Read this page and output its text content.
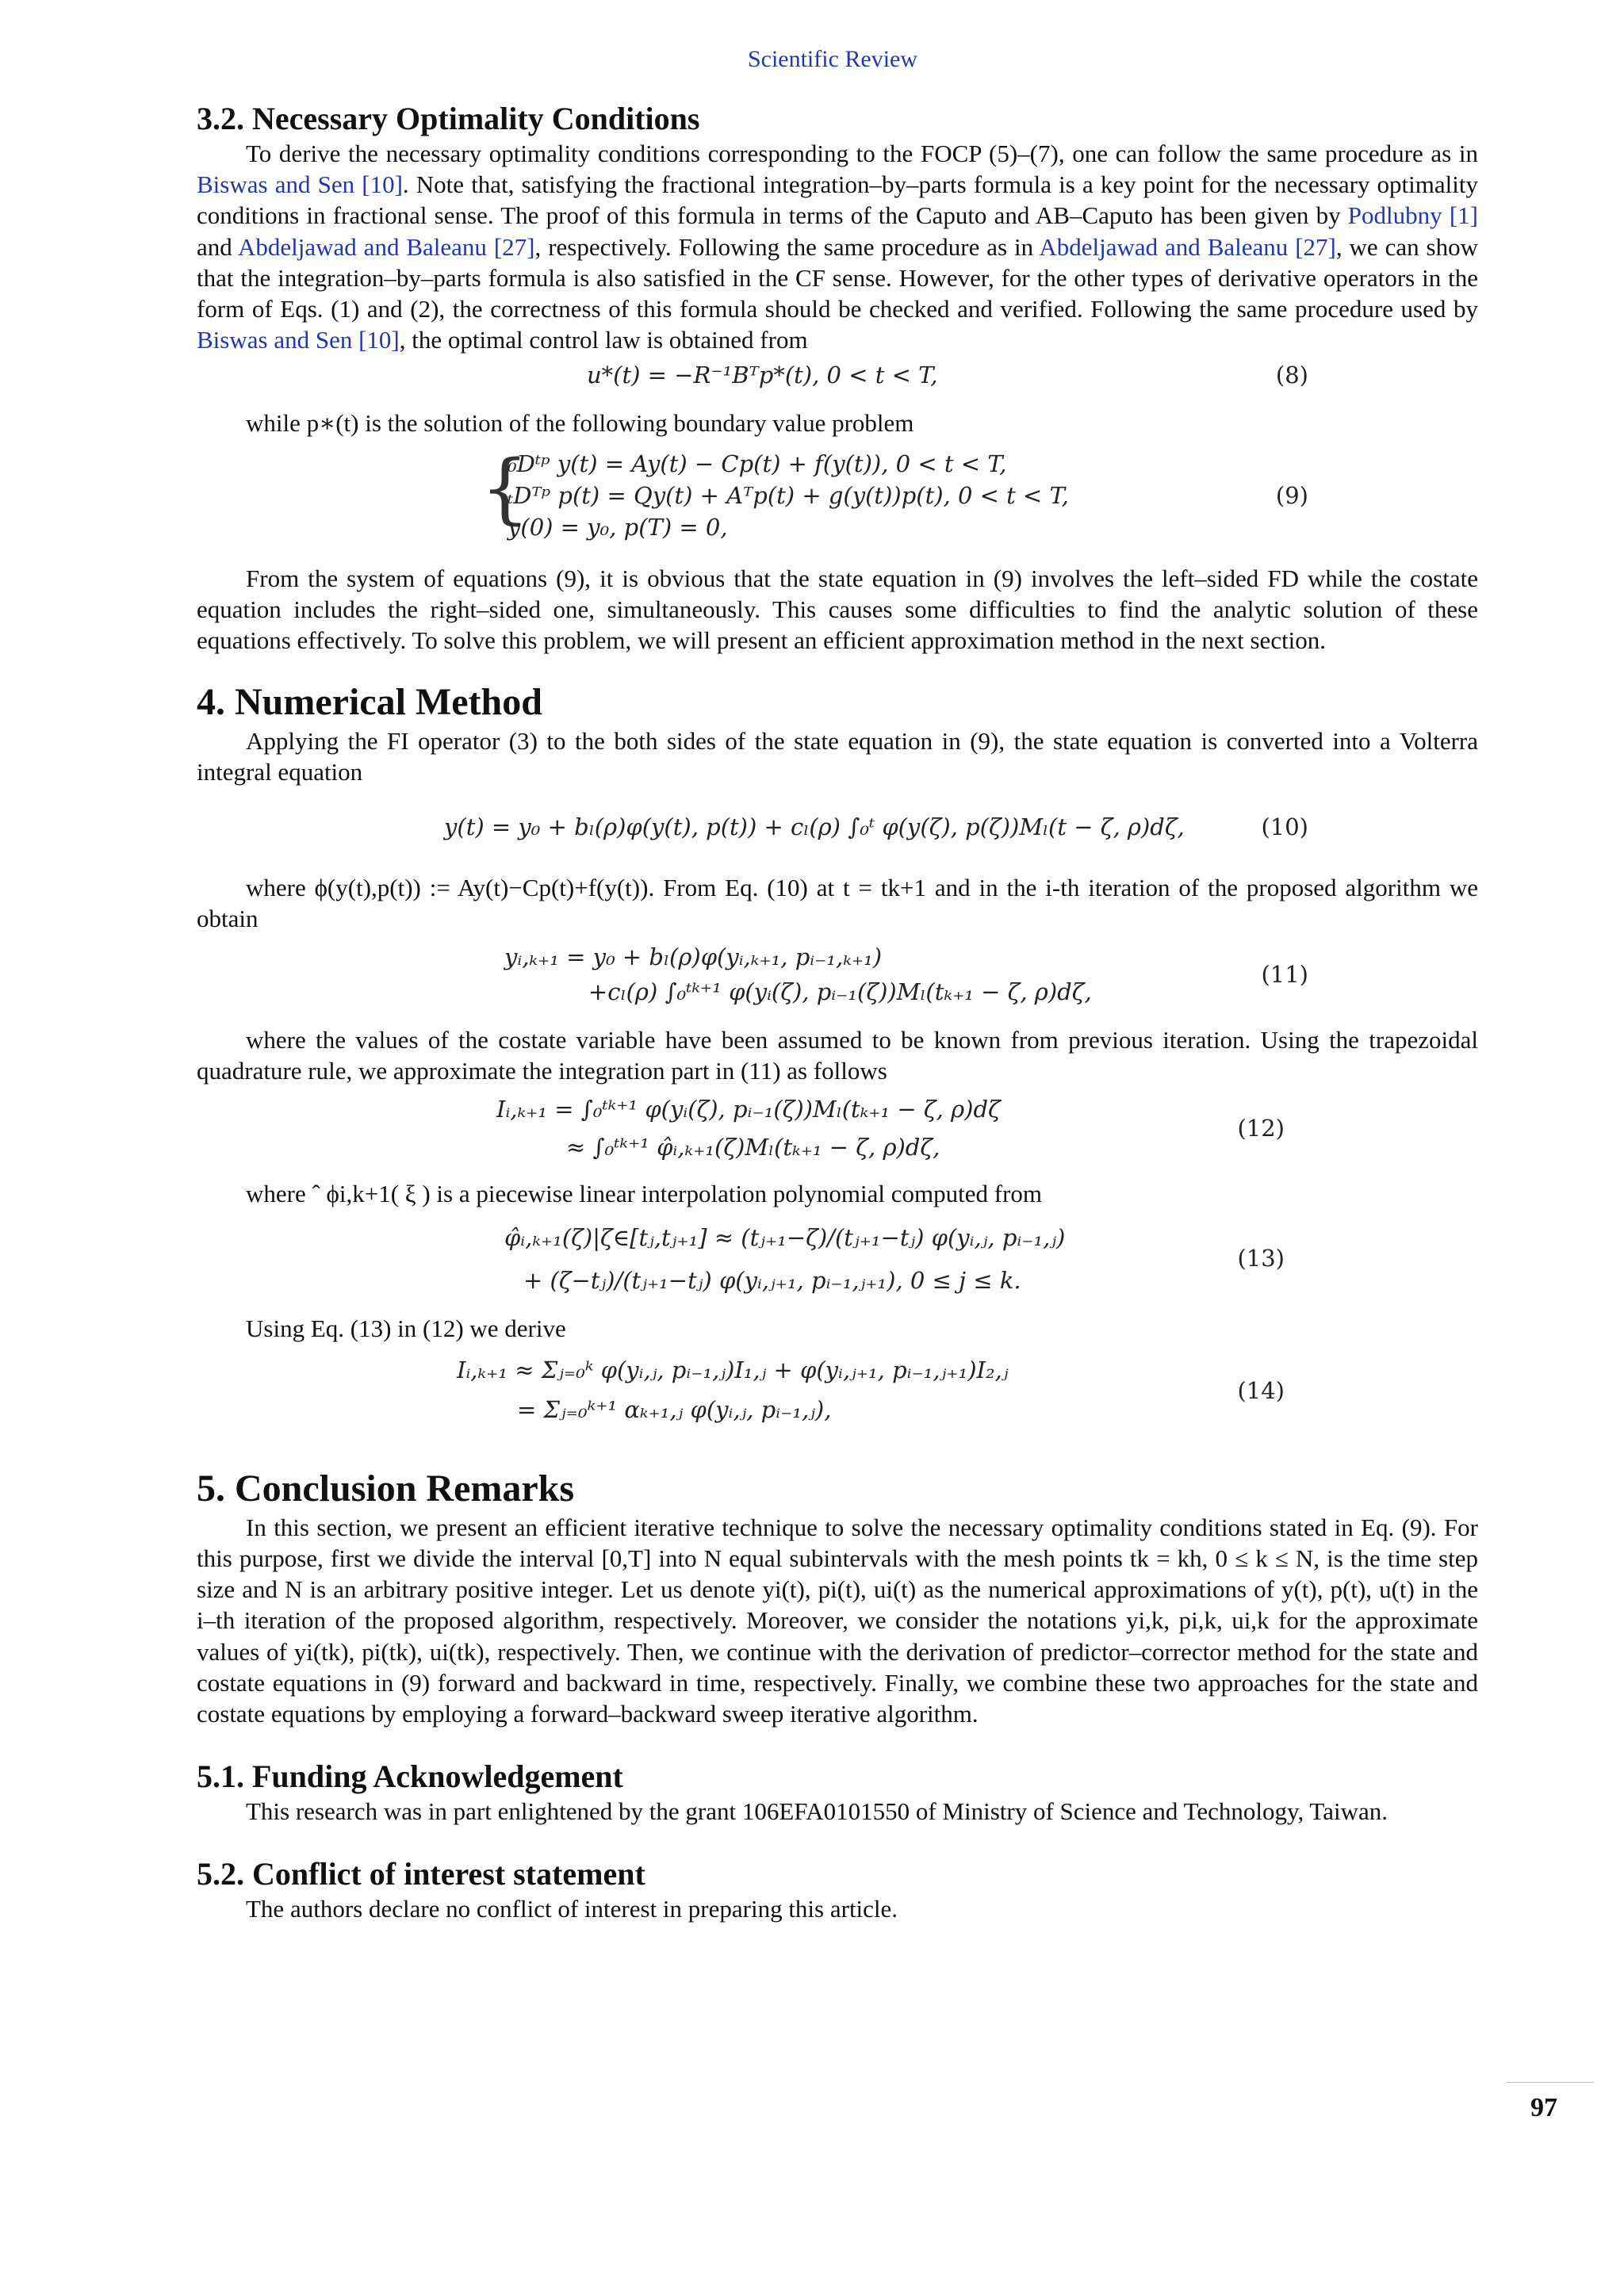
Scientific Review
3.2. Necessary Optimality Conditions

To derive the necessary optimality conditions corresponding to the FOCP (5)–(7), one can follow the same procedure as in Biswas and Sen [10]. Note that, satisfying the fractional integration–by–parts formula is a key point for the necessary optimality conditions in fractional sense. The proof of this formula in terms of the Caputo and AB–Caputo has been given by Podlubny [1] and Abdeljawad and Baleanu [27], respectively. Following the same procedure as in Abdeljawad and Baleanu [27], we can show that the integration–by–parts formula is also satisfied in the CF sense. However, for the other types of derivative operators in the form of Eqs. (1) and (2), the correctness of this formula should be checked and verified. Following the same procedure used by Biswas and Sen [10], the optimal control law is obtained from

u*(t) = −R⁻¹Bᵀp*(t), 0 < t < T,	(8)

while p∗(t) is the solution of the following boundary value problem

{
₀Dᵗᵖ y(t) = Ay(t) − Cp(t) + f(y(t)), 0 < t < T,
ₜDᵀᵖ p(t) = Qy(t) + Aᵀp(t) + g(y(t))p(t), 0 < t < T,
y(0) = y₀, p(T) = 0,
(9)

From the system of equations (9), it is obvious that the state equation in (9) involves the left–sided FD while the costate equation includes the right–sided one, simultaneously. This causes some difficulties to find the analytic solution of these equations effectively. To solve this problem, we will present an efficient approximation method in the next section.

4. Numerical Method

Applying the FI operator (3) to the both sides of the state equation in (9), the state equation is converted into a Volterra integral equation

y(t) = y₀ + bₗ(ρ)φ(y(t), p(t)) + cₗ(ρ) ∫₀ᵗ φ(y(ζ), p(ζ))Mₗ(t − ζ, ρ)dζ,	(10)

where ϕ(y(t),p(t)) := Ay(t)−Cp(t)+f(y(t)). From Eq. (10) at t = tk+1 and in the i-th iteration of the proposed algorithm we obtain

yᵢ,ₖ₊₁ = y₀ + bₗ(ρ)φ(yᵢ,ₖ₊₁, pᵢ₋₁,ₖ₊₁)
+cₗ(ρ) ∫₀ᵗᵏ⁺¹ φ(yᵢ(ζ), pᵢ₋₁(ζ))Mₗ(tₖ₊₁ − ζ, ρ)dζ,
(11)

where the values of the costate variable have been assumed to be known from previous iteration. Using the trapezoidal quadrature rule, we approximate the integration part in (11) as follows

Iᵢ,ₖ₊₁ = ∫₀ᵗᵏ⁺¹ φ(yᵢ(ζ), pᵢ₋₁(ζ))Mₗ(tₖ₊₁ − ζ, ρ)dζ
≈ ∫₀ᵗᵏ⁺¹ φ̂ᵢ,ₖ₊₁(ζ)Mₗ(tₖ₊₁ − ζ, ρ)dζ,
(12)

where ˆ ϕi,k+1( ξ ) is a piecewise linear interpolation polynomial computed from

φ̂ᵢ,ₖ₊₁(ζ)|ζ∈[tⱼ,tⱼ₊₁] ≈ (tⱼ₊₁−ζ)/(tⱼ₊₁−tⱼ) φ(yᵢ,ⱼ, pᵢ₋₁,ⱼ)
+ (ζ−tⱼ)/(tⱼ₊₁−tⱼ) φ(yᵢ,ⱼ₊₁, pᵢ₋₁,ⱼ₊₁), 0 ≤ j ≤ k.
(13)

Using Eq. (13) in (12) we derive

Iᵢ,ₖ₊₁ ≈ Σⱼ₌₀ᵏ φ(yᵢ,ⱼ, pᵢ₋₁,ⱼ)I₁,ⱼ + φ(yᵢ,ⱼ₊₁, pᵢ₋₁,ⱼ₊₁)I₂,ⱼ
= Σⱼ₌₀ᵏ⁺¹ αₖ₊₁,ⱼ φ(yᵢ,ⱼ, pᵢ₋₁,ⱼ),
(14)
5. Conclusion Remarks

In this section, we present an efficient iterative technique to solve the necessary optimality conditions stated in Eq. (9). For this purpose, first we divide the interval [0,T] into N equal subintervals with the mesh points tk = kh, 0 ≤ k ≤ N, is the time step size and N is an arbitrary positive integer. Let us denote yi(t), pi(t), ui(t) as the numerical approximations of y(t), p(t), u(t) in the i–th iteration of the proposed algorithm, respectively. Moreover, we consider the notations yi,k, pi,k, ui,k for the approximate values of yi(tk), pi(tk), ui(tk), respectively. Then, we continue with the derivation of predictor–corrector method for the state and costate equations in (9) forward and backward in time, respectively. Finally, we combine these two approaches for the state and costate equations by employing a forward–backward sweep iterative algorithm.

5.1. Funding Acknowledgement

This research was in part enlightened by the grant 106EFA0101550 of Ministry of Science and Technology, Taiwan.

5.2. Conflict of interest statement

The authors declare no conflict of interest in preparing this article.

97
